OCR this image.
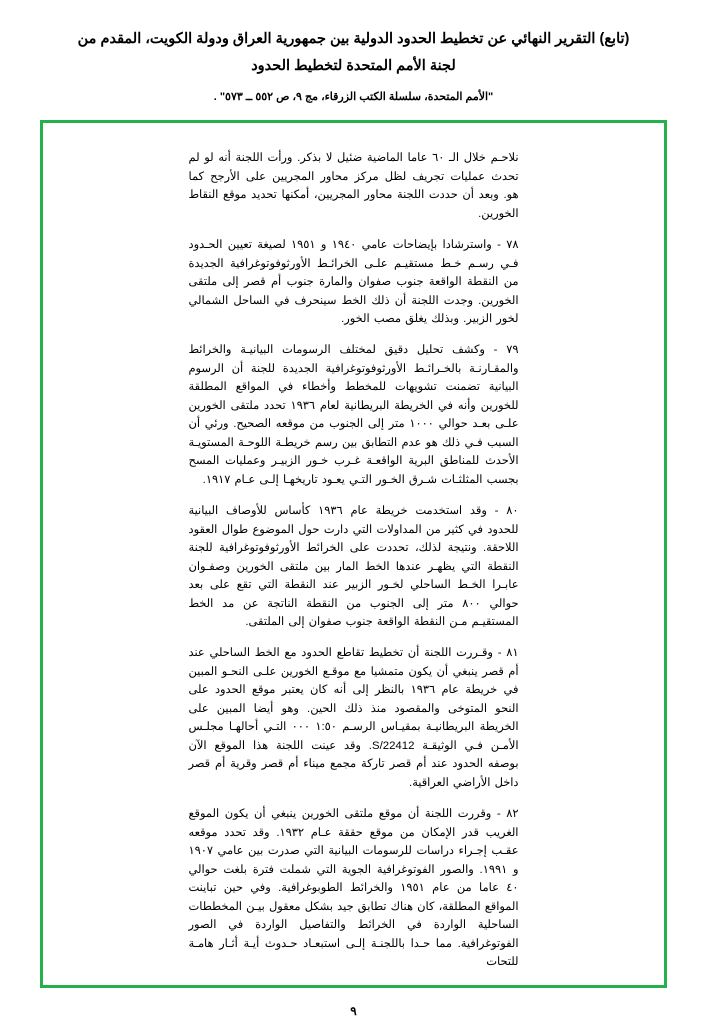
(تابع) التقرير النهائي عن تخطيط الحدود الدولية بين جمهورية العراق ودولة الكويت، المقدم من لجنة الأمم المتحدة لتخطيط الحدود
"الأمم المتحدة، سلسلة الكتب الزرقاء، مج ٩، ص ٥٥٢ ــ ٥٧٣" .

نلاحـم خلال الـ ٦٠ عاما الماضية ضئيل لا بذكر. ورأت اللجنة أنه لو لم تحدث عمليات تجريف لظل مركز محاور المجريين على الأرجح كما هو. وبعد أن حددت اللجنة محاور المجريين، أمكنها تحديد موقع النقاط الخورين.

٧٨ - واسترشادا بإيضاحات عامي ١٩٤٠ و ١٩٥١ لصيغة تعيين الحـدود فـي رسـم خـط مستقيـم علـى الخرائـط الأورثوفوتوغرافية الجديدة من النقطة الواقعة جنوب صفوان والمارة جنوب أم قصر إلى ملتقى الخورين. وجدت اللجنة أن ذلك الخط سينحرف في الساحل الشمالي لخور الزبير. وبذلك يغلق مصب الخور.

٧٩ - وكشف تحليل دقيق لمختلف الرسومات البيانيـة والخرائط والمقـارنـة بالخـرائـط الأورثوفوتوغرافية الجديدة للجنة أن الرسوم البيانية تضمنت تشويهات للمخطط وأخطاء في المواقع المطلقة للخورين وأنه في الخريطة البريطانية لعام ١٩٣٦ تحدد ملتقى الخورين علـى بعـد حوالي ١٠٠٠ متر إلى الجنوب من موقعه الصحيح. ورئي أن السبب فـي ذلك هو عدم التطابق بين رسم خريطـة اللوحـة المستويـة الأحدث للمناطق البرية الواقعـة غـرب خـور الزبيـر وعمليات المسح بجسب المثلثـات شـرق الخـور التـي يعـود تاريخهـا إلـى عـام ١٩١٧.

٨٠ - وقد استخدمت خريطة عام ١٩٣٦ كأساس للأوصاف البيانية للحدود في كثير من المداولات التي دارت حول الموضوع طوال العقود اللاحقة. ونتيجة لذلك، تحددت على الخرائط الأورثوفوتوغرافية للجنة النقطة التي يظهـر عندها الخط المار بين ملتقى الخورين وصفـوان عابـرا الخـط الساحلي لخـور الزبير عند النقطة التي تقع على بعد حوالي ٨٠٠ متر إلى الجنوب من النقطة الناتجة عن مد الخط المستقيـم مـن النقطة الواقعة جنوب صفوان إلى الملتقى.

٨١ - وقـررت اللجنة أن تخطيط تقاطع الحدود مع الخط الساحلي عند أم قصر ينبغي أن يكون متمشيا مع موقـع الخورين علـى النحـو المبين في خريطة عام ١٩٣٦ بالنظر إلى أنه كان يعتبر موقع الحدود على النحو المتوخى والمقصود منذ ذلك الحين. وهو أيضا المبين على الخريطة البريطانيـة بمقيـاس الرسـم ١:٥٠ ٠٠٠ التـي أحالهـا مجلـس الأمـن فـي الوثيقـة S/22412. وقد عينت اللجنة هذا الموقع الآن بوصفه الحدود عند أم قصر تاركة مجمع ميناء أم قصر وقرية أم قصر داخل الأراضي العراقية.

٨٢ - وقررت اللجنة أن موقع ملتقى الخورين ينبغي أن يكون الموقع الغريب قدر الإمكان من موقع حققة عـام ١٩٣٢. وقد تحدد موقعه عقـب إجـراء دراسات للرسومات البيانية التي صدرت بين عامي ١٩٠٧ و ١٩٩١. والصور الفوتوغرافية الجوية التي شملت فترة بلغت حوالي ٤٠ عاما من عام ١٩٥١ والخرائط الطوبوغرافية. وفي حين تباينت المواقع المطلقة، كان هناك تطابق جيد بشكل معقول بيـن المخططات الساحلية الواردة في الخرائط والتفاصيل الواردة في الصور الفوتوغرافية. مما حـدا باللجنـة إلـى استبعـاد حـدوث أيـة أثـار هامـة للتحات

٩
